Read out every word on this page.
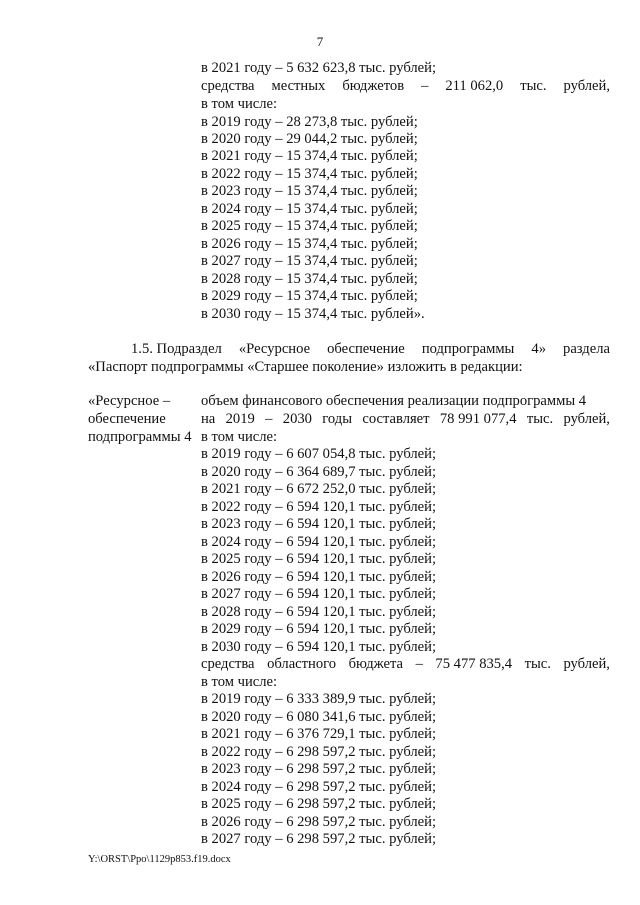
7
в 2021 году – 5 632 623,8 тыс. рублей;
средства местных бюджетов – 211 062,0 тыс. рублей,
в том числе:
в 2019 году – 28 273,8 тыс. рублей;
в 2020 году – 29 044,2 тыс. рублей;
в 2021 году – 15 374,4 тыс. рублей;
в 2022 году – 15 374,4 тыс. рублей;
в 2023 году – 15 374,4 тыс. рублей;
в 2024 году – 15 374,4 тыс. рублей;
в 2025 году – 15 374,4 тыс. рублей;
в 2026 году – 15 374,4 тыс. рублей;
в 2027 году – 15 374,4 тыс. рублей;
в 2028 году – 15 374,4 тыс. рублей;
в 2029 году – 15 374,4 тыс. рублей;
в 2030 году – 15 374,4 тыс. рублей».
1.5. Подраздел «Ресурсное обеспечение подпрограммы 4» раздела
«Паспорт подпрограммы «Старшее поколение» изложить в редакции:
«Ресурсное –
обеспечение
подпрограммы 4
объем финансового обеспечения реализации подпрограммы 4
на 2019 – 2030 годы составляет 78 991 077,4 тыс. рублей,
в том числе:
в 2019 году – 6 607 054,8 тыс. рублей;
в 2020 году – 6 364 689,7 тыс. рублей;
в 2021 году – 6 672 252,0 тыс. рублей;
в 2022 году – 6 594 120,1 тыс. рублей;
в 2023 году – 6 594 120,1 тыс. рублей;
в 2024 году – 6 594 120,1 тыс. рублей;
в 2025 году – 6 594 120,1 тыс. рублей;
в 2026 году – 6 594 120,1 тыс. рублей;
в 2027 году – 6 594 120,1 тыс. рублей;
в 2028 году – 6 594 120,1 тыс. рублей;
в 2029 году – 6 594 120,1 тыс. рублей;
в 2030 году – 6 594 120,1 тыс. рублей;
средства областного бюджета – 75 477 835,4 тыс. рублей,
в том числе:
в 2019 году – 6 333 389,9 тыс. рублей;
в 2020 году – 6 080 341,6 тыс. рублей;
в 2021 году – 6 376 729,1 тыс. рублей;
в 2022 году – 6 298 597,2 тыс. рублей;
в 2023 году – 6 298 597,2 тыс. рублей;
в 2024 году – 6 298 597,2 тыс. рублей;
в 2025 году – 6 298 597,2 тыс. рублей;
в 2026 году – 6 298 597,2 тыс. рублей;
в 2027 году – 6 298 597,2 тыс. рублей;
Y:\ORST\Ppo\1129p853.f19.docx
